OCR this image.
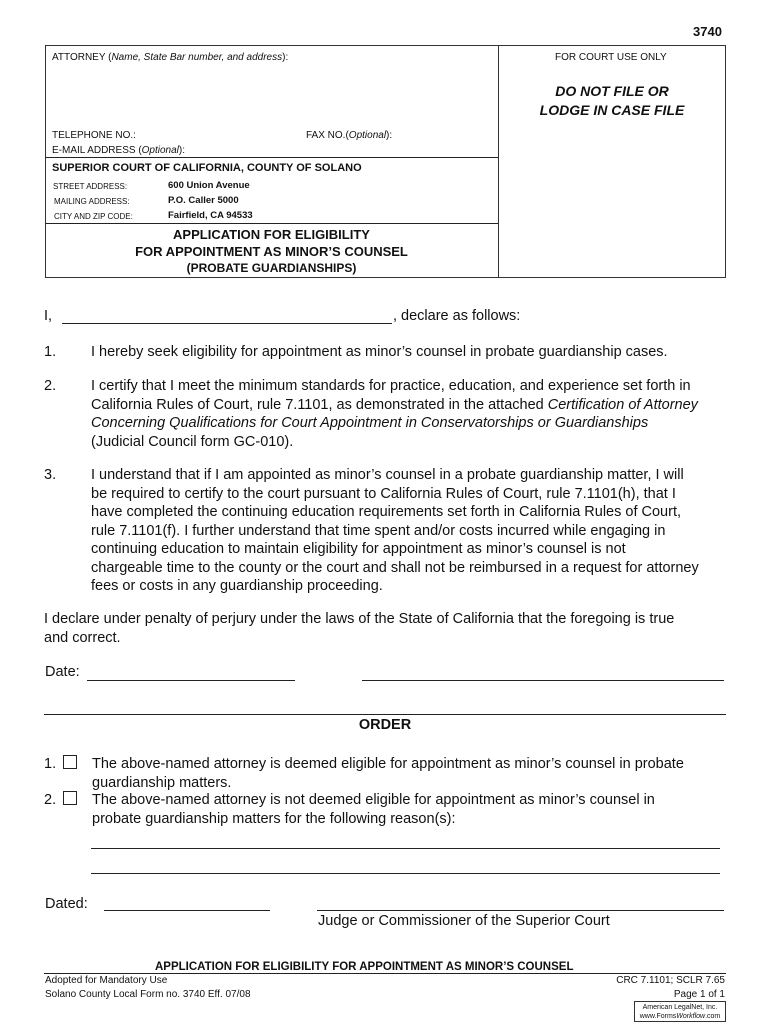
3740
ATTORNEY (Name, State Bar number, and address):	FOR COURT USE ONLY
DO NOT FILE OR
LODGE IN CASE FILE
TELEPHONE NO.:	FAX NO.(Optional):
E-MAIL ADDRESS (Optional):
SUPERIOR COURT OF CALIFORNIA, COUNTY OF SOLANO
STREET ADDRESS:	600 Union Avenue
MAILING ADDRESS:	P.O. Caller 5000
CITY AND ZIP CODE:	Fairfield, CA 94533
APPLICATION FOR ELIGIBILITY
FOR APPOINTMENT AS MINOR’S COUNSEL
(PROBATE GUARDIANSHIPS)
I,	, declare as follows:
1. I hereby seek eligibility for appointment as minor’s counsel in probate guardianship cases.
2. I certify that I meet the minimum standards for practice, education, and experience set forth in
California Rules of Court, rule 7.1101, as demonstrated in the attached Certification of Attorney
Concerning Qualifications for Court Appointment in Conservatorships or Guardianships
(Judicial Council form GC-010).
3. I understand that if I am appointed as minor’s counsel in a probate guardianship matter, I will
be required to certify to the court pursuant to California Rules of Court, rule 7.1101(h), that I
have completed the continuing education requirements set forth in California Rules of Court,
rule 7.1101(f). I further understand that time spent and/or costs incurred while engaging in
continuing education to maintain eligibility for appointment as minor’s counsel is not
chargeable time to the county or the court and shall not be reimbursed in a request for attorney
fees or costs in any guardianship proceeding.
I declare under penalty of perjury under the laws of the State of California that the foregoing is true
and correct.
Date:
ORDER
1. The above-named attorney is deemed eligible for appointment as minor’s counsel in probate
guardianship matters.
2. The above-named attorney is not deemed eligible for appointment as minor’s counsel in
probate guardianship matters for the following reason(s):
Dated:
Judge or Commissioner of the Superior Court
APPLICATION FOR ELIGIBILITY FOR APPOINTMENT AS MINOR’S COUNSEL
Adopted for Mandatory Use
Solano County Local Form no. 3740 Eff. 07/08
CRC 7.1101; SCLR 7.65
Page 1 of 1
American LegalNet, Inc.
www.FormsWorkflow.com
